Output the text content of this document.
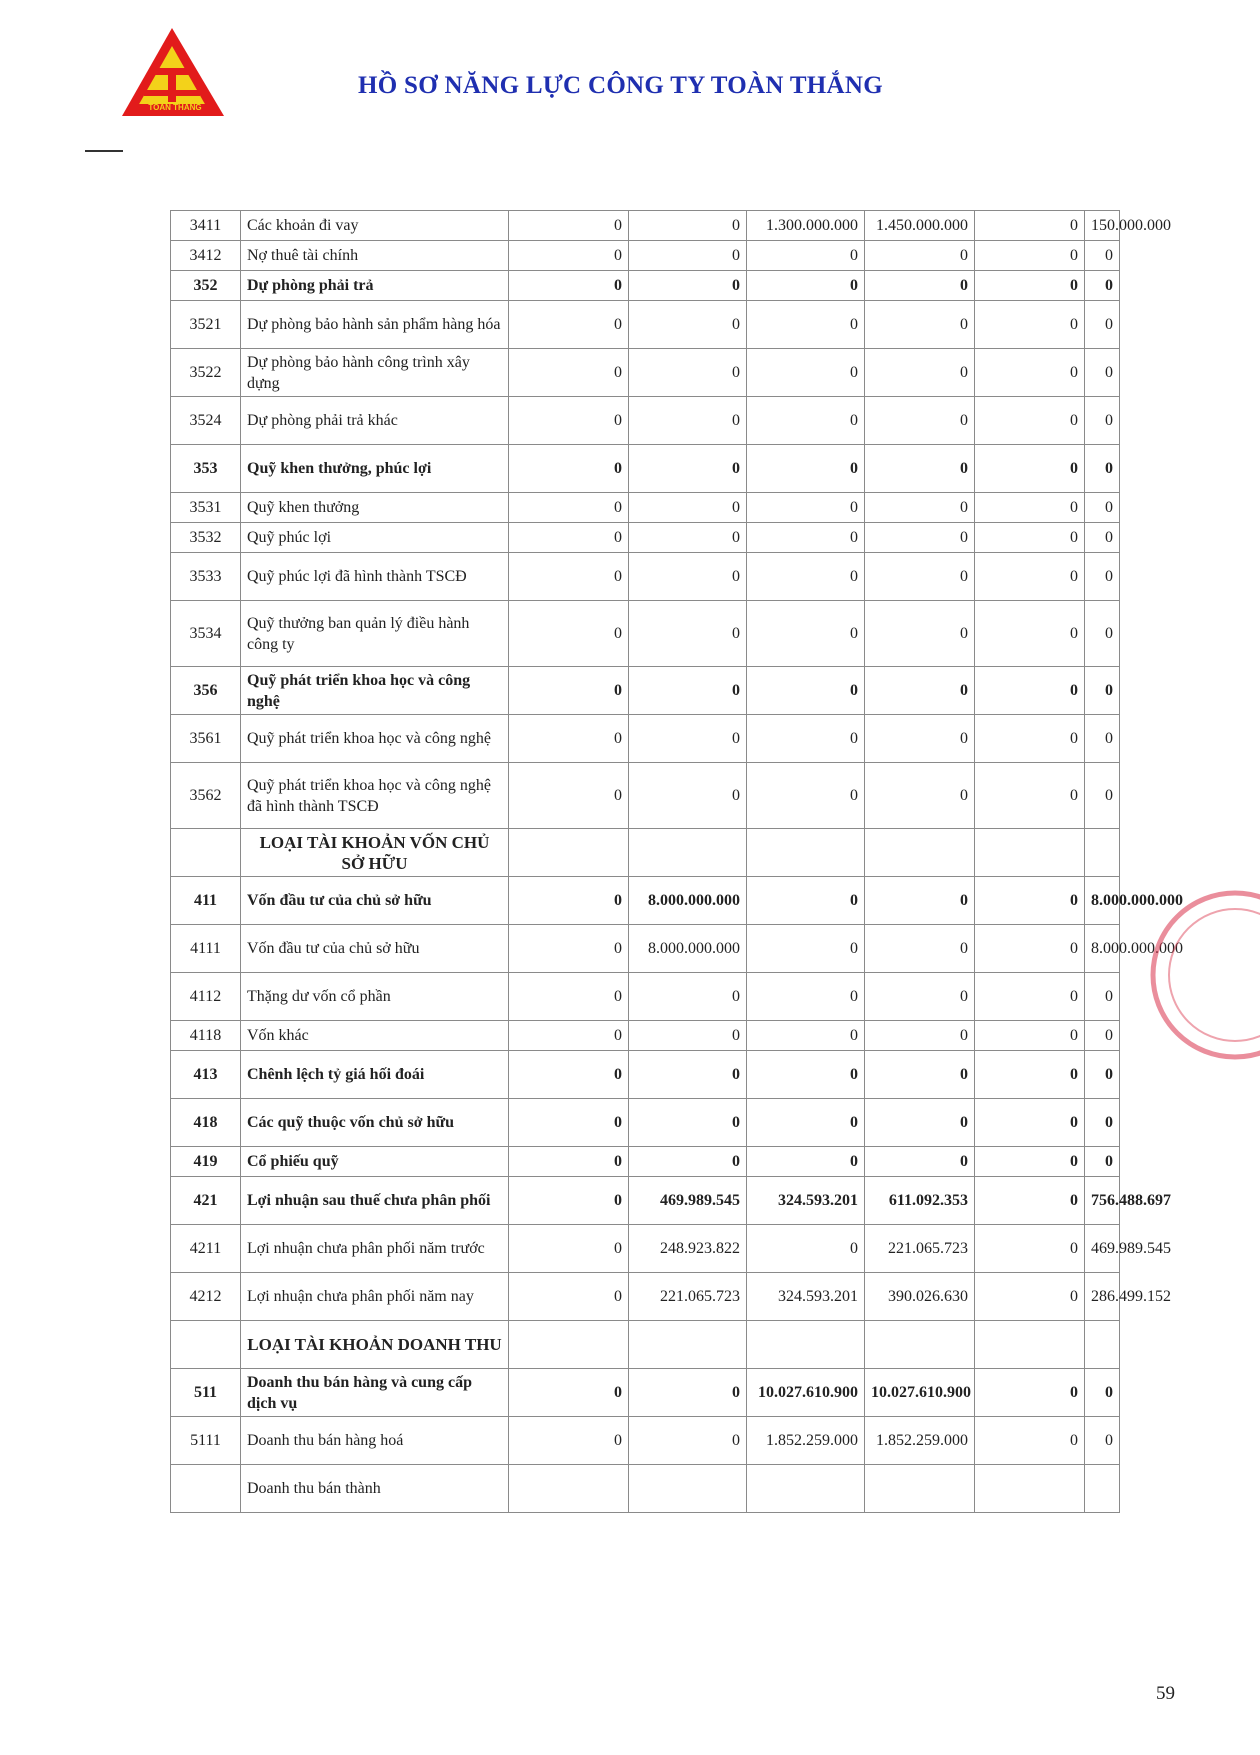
TOÀN THẮNG
HỒ SƠ NĂNG LỰC CÔNG TY TOÀN THẮNG
3411	Các khoản đi vay	0	0	1.300.000.000	1.450.000.000	0	150.000.000
3412	Nợ thuê tài chính	0	0	0	0	0	0
352	Dự phòng phải trả	0	0	0	0	0	0
3521	Dự phòng bảo hành sản phẩm hàng hóa	0	0	0	0	0	0
3522	Dự phòng bảo hành công trình xây dựng	0	0	0	0	0	0
3524	Dự phòng phải trả khác	0	0	0	0	0	0
353	Quỹ khen thưởng, phúc lợi	0	0	0	0	0	0
3531	Quỹ khen thưởng	0	0	0	0	0	0
3532	Quỹ phúc lợi	0	0	0	0	0	0
3533	Quỹ phúc lợi đã hình thành TSCĐ	0	0	0	0	0	0
3534	Quỹ thưởng ban quản lý điều hành công ty	0	0	0	0	0	0
356	Quỹ phát triển khoa học và công nghệ	0	0	0	0	0	0
3561	Quỹ phát triển khoa học và công nghệ	0	0	0	0	0	0
3562	Quỹ phát triển khoa học và công nghệ đã hình thành TSCĐ	0	0	0	0	0	0
	LOẠI TÀI KHOẢN VỐN CHỦ SỞ HỮU						
411	Vốn đầu tư của chủ sở hữu	0	8.000.000.000	0	0	0	8.000.000.000
4111	Vốn đầu tư của chủ sở hữu	0	8.000.000.000	0	0	0	8.000.000.000
4112	Thặng dư vốn cổ phần	0	0	0	0	0	0
4118	Vốn khác	0	0	0	0	0	0
413	Chênh lệch tỷ giá hối đoái	0	0	0	0	0	0
418	Các quỹ thuộc vốn chủ sở hữu	0	0	0	0	0	0
419	Cổ phiếu quỹ	0	0	0	0	0	0
421	Lợi nhuận sau thuế chưa phân phối	0	469.989.545	324.593.201	611.092.353	0	756.488.697
4211	Lợi nhuận chưa phân phối năm trước	0	248.923.822	0	221.065.723	0	469.989.545
4212	Lợi nhuận chưa phân phối năm nay	0	221.065.723	324.593.201	390.026.630	0	286.499.152
	LOẠI TÀI KHOẢN DOANH THU						
511	Doanh thu bán hàng và cung cấp dịch vụ	0	0	10.027.610.900	10.027.610.900	0	0
5111	Doanh thu bán hàng hoá	0	0	1.852.259.000	1.852.259.000	0	0
	Doanh thu bán thành						
59
